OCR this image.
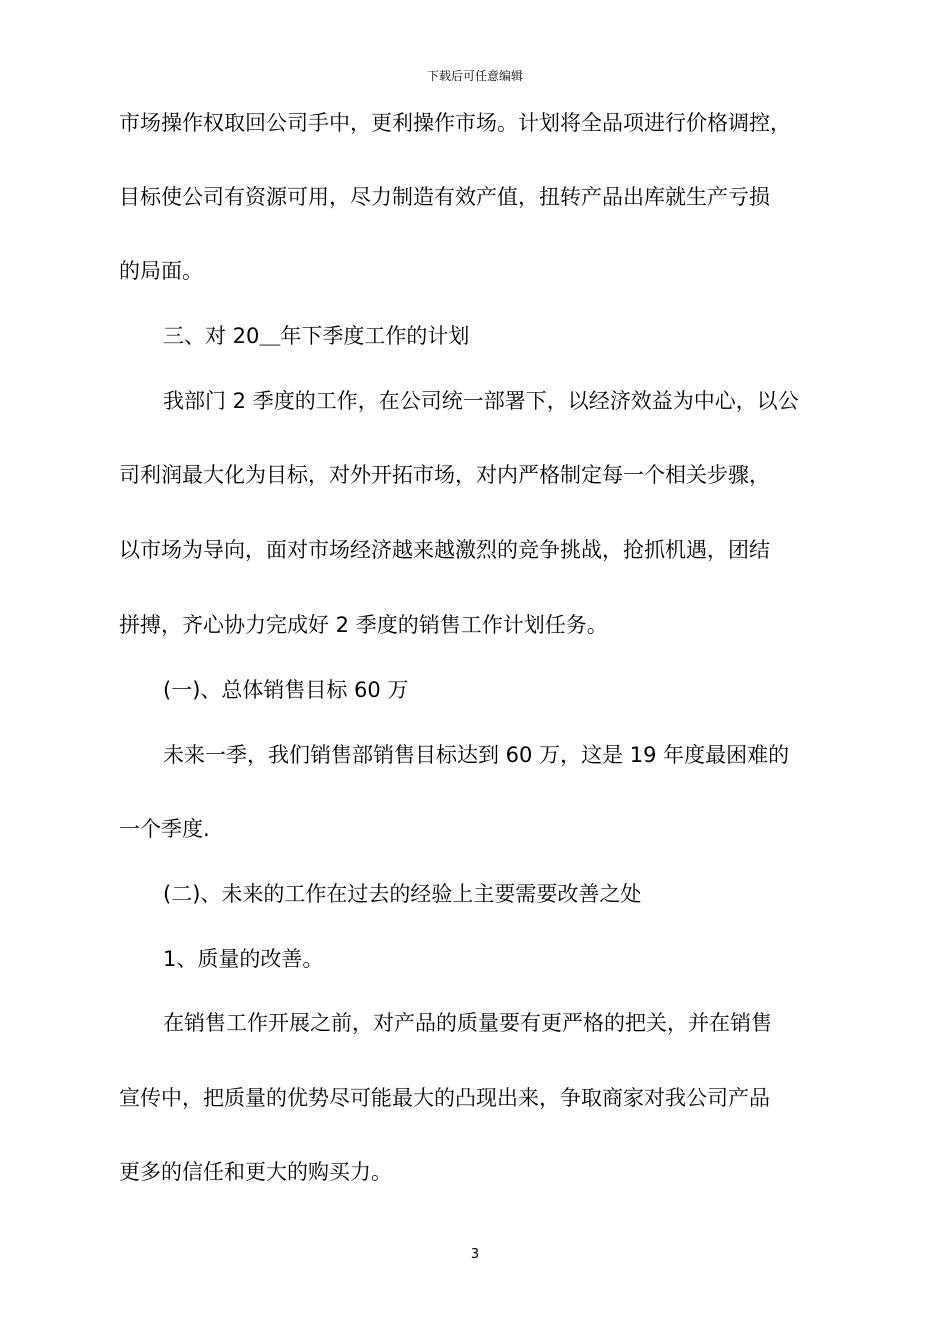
下载后可任意编辑
市场操作权取回公司手中，更利操作市场。计划将全品项进行价格调控，
目标使公司有资源可用，尽力制造有效产值，扭转产品出库就生产亏损
的局面。
三、对 20＿年下季度工作的计划
我部门 2 季度的工作，在公司统一部署下，以经济效益为中心，以公
司利润最大化为目标，对外开拓市场，对内严格制定每一个相关步骤，
以市场为导向，面对市场经济越来越激烈的竞争挑战，抢抓机遇，团结
拼搏，齐心协力完成好 2 季度的销售工作计划任务。
(一)、总体销售目标 60 万
未来一季，我们销售部销售目标达到 60 万，这是 19 年度最困难的
一个季度.
(二)、未来的工作在过去的经验上主要需要改善之处
1、质量的改善。
在销售工作开展之前，对产品的质量要有更严格的把关，并在销售
宣传中，把质量的优势尽可能最大的凸现出来，争取商家对我公司产品
更多的信任和更大的购买力。
3
